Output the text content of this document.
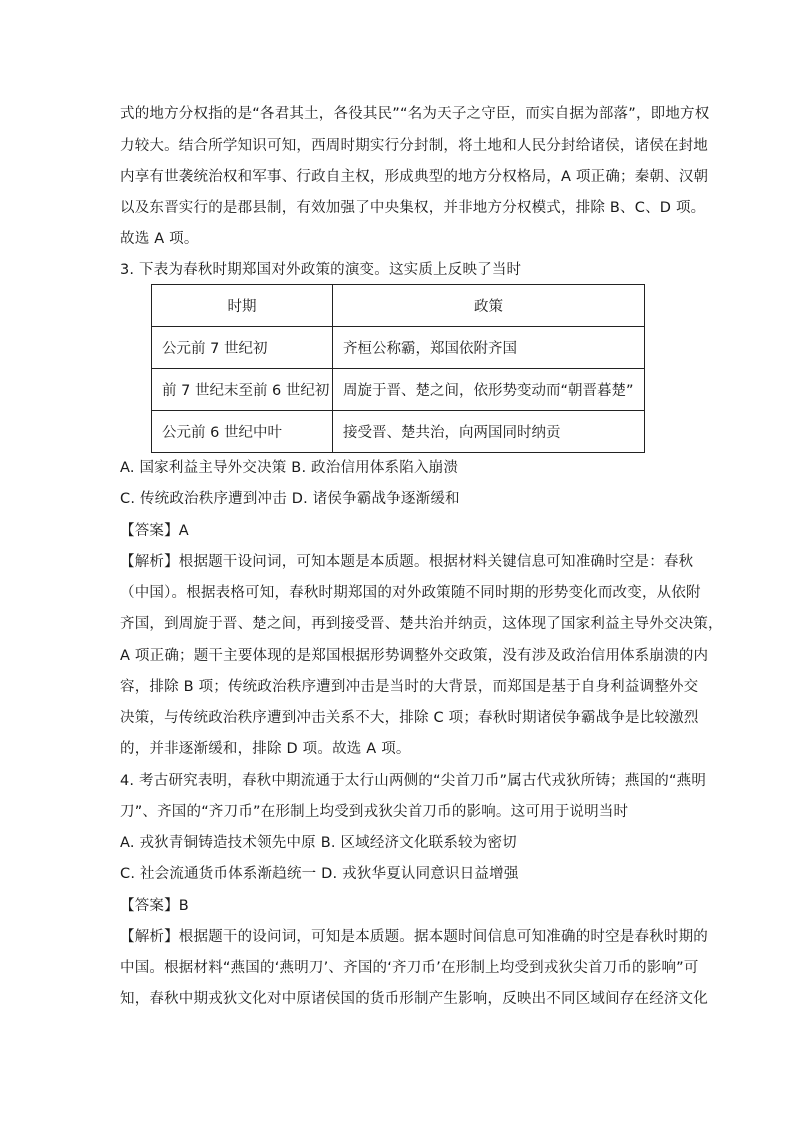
式的地方分权指的是“各君其土，各役其民”“名为天子之守臣，而实自据为部落”，即地方权
力较大。结合所学知识可知，西周时期实行分封制，将土地和人民分封给诸侯，诸侯在封地
内享有世袭统治权和军事、行政自主权，形成典型的地方分权格局，A 项正确；秦朝、汉朝
以及东晋实行的是郡县制，有效加强了中央集权，并非地方分权模式，排除 B、C、D 项。
故选 A 项。
3. 下表为春秋时期郑国对外政策的演变。这实质上反映了当时
时期	政策
公元前 7 世纪初	齐桓公称霸，郑国依附齐国
前 7 世纪末至前 6 世纪初	周旋于晋、楚之间，依形势变动而“朝晋暮楚”
公元前 6 世纪中叶	接受晋、楚共治，向两国同时纳贡
A. 国家利益主导外交决策 B. 政治信用体系陷入崩溃
C. 传统政治秩序遭到冲击 D. 诸侯争霸战争逐渐缓和
【答案】A
【解析】根据题干设问词，可知本题是本质题。根据材料关键信息可知准确时空是：春秋
（中国）。根据表格可知，春秋时期郑国的对外政策随不同时期的形势变化而改变，从依附
齐国，到周旋于晋、楚之间，再到接受晋、楚共治并纳贡，这体现了国家利益主导外交决策，
A 项正确；题干主要体现的是郑国根据形势调整外交政策，没有涉及政治信用体系崩溃的内
容，排除 B 项；传统政治秩序遭到冲击是当时的大背景，而郑国是基于自身利益调整外交
决策，与传统政治秩序遭到冲击关系不大，排除 C 项；春秋时期诸侯争霸战争是比较激烈
的，并非逐渐缓和，排除 D 项。故选 A 项。
4. 考古研究表明，春秋中期流通于太行山两侧的“尖首刀币”属古代戎狄所铸；燕国的“燕明
刀”、齐国的“齐刀币”在形制上均受到戎狄尖首刀币的影响。这可用于说明当时
A. 戎狄青铜铸造技术领先中原 B. 区域经济文化联系较为密切
C. 社会流通货币体系渐趋统一 D. 戎狄华夏认同意识日益增强
【答案】B
【解析】根据题干的设问词，可知是本质题。据本题时间信息可知准确的时空是春秋时期的
中国。根据材料“燕国的‘燕明刀’、齐国的‘齐刀币’在形制上均受到戎狄尖首刀币的影响”可
知，春秋中期戎狄文化对中原诸侯国的货币形制产生影响，反映出不同区域间存在经济文化
